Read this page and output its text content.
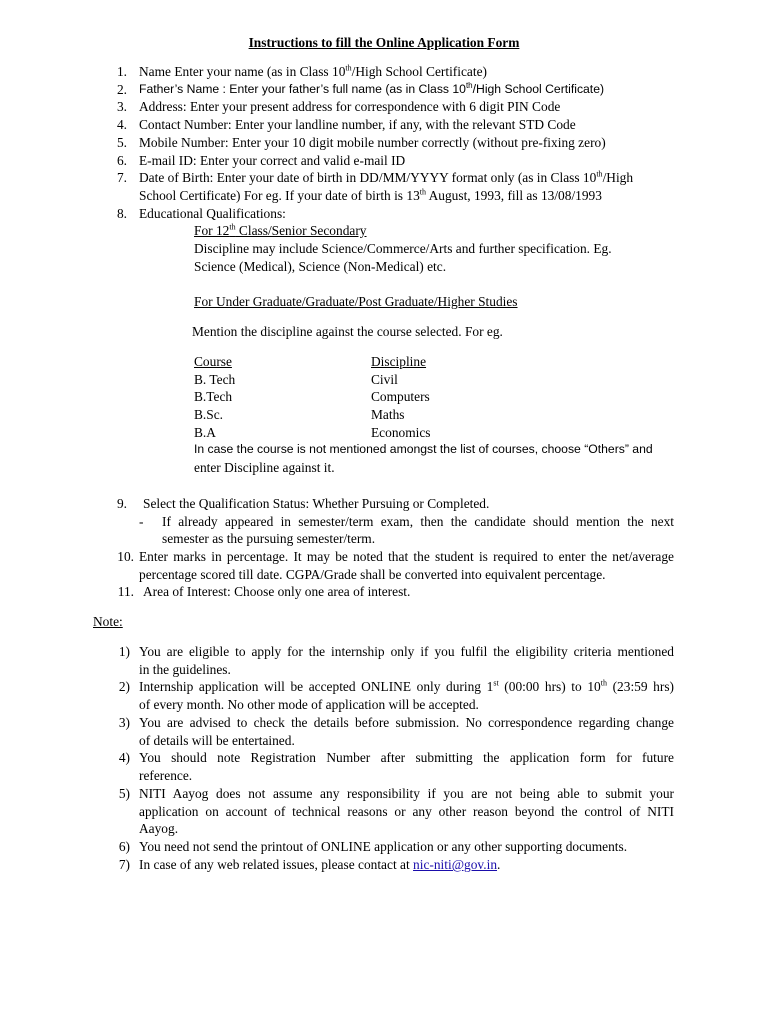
Instructions to fill the Online Application Form
1. Name Enter your name (as in Class 10th/High School Certificate)
2. Father’s Name : Enter your father’s full name (as in Class 10th/High School Certificate)
3. Address: Enter your present address for correspondence with 6 digit PIN Code
4. Contact Number: Enter your landline number, if any, with the relevant STD Code
5. Mobile Number: Enter your 10 digit mobile number correctly (without pre-fixing zero)
6. E-mail ID: Enter your correct and valid e-mail ID
7. Date of Birth: Enter your date of birth in DD/MM/YYYY format only (as in Class 10th/High
School Certificate) For eg. If your date of birth is 13th August, 1993, fill as 13/08/1993
8. Educational Qualifications:
For 12th Class/Senior Secondary
Discipline may include Science/Commerce/Arts and further specification. Eg.
Science (Medical), Science (Non-Medical) etc.
For Under Graduate/Graduate/Post Graduate/Higher Studies
Mention the discipline against the course selected. For eg.
Course	Discipline
B. Tech	Civil
B.Tech	Computers
B.Sc.	Maths
B.A	Economics
In case the course is not mentioned amongst the list of courses, choose “Others” and
enter Discipline against it.
9. Select the Qualification Status: Whether Pursuing or Completed.
- If already appeared in semester/term exam, then the candidate should mention the next
semester as the pursuing semester/term.
10. Enter marks in percentage. It may be noted that the student is required to enter the net/average
percentage scored till date. CGPA/Grade shall be converted into equivalent percentage.
11. Area of Interest: Choose only one area of interest.
Note:
1) You are eligible to apply for the internship only if you fulfil the eligibility criteria mentioned
in the guidelines.
2) Internship application will be accepted ONLINE only during 1st (00:00 hrs) to 10th (23:59 hrs)
of every month. No other mode of application will be accepted.
3) You are advised to check the details before submission. No correspondence regarding change
of details will be entertained.
4) You should note Registration Number after submitting the application form for future
reference.
5) NITI Aayog does not assume any responsibility if you are not being able to submit your
application on account of technical reasons or any other reason beyond the control of NITI
Aayog.
6) You need not send the printout of ONLINE application or any other supporting documents.
7) In case of any web related issues, please contact at nic-niti@gov.in.
